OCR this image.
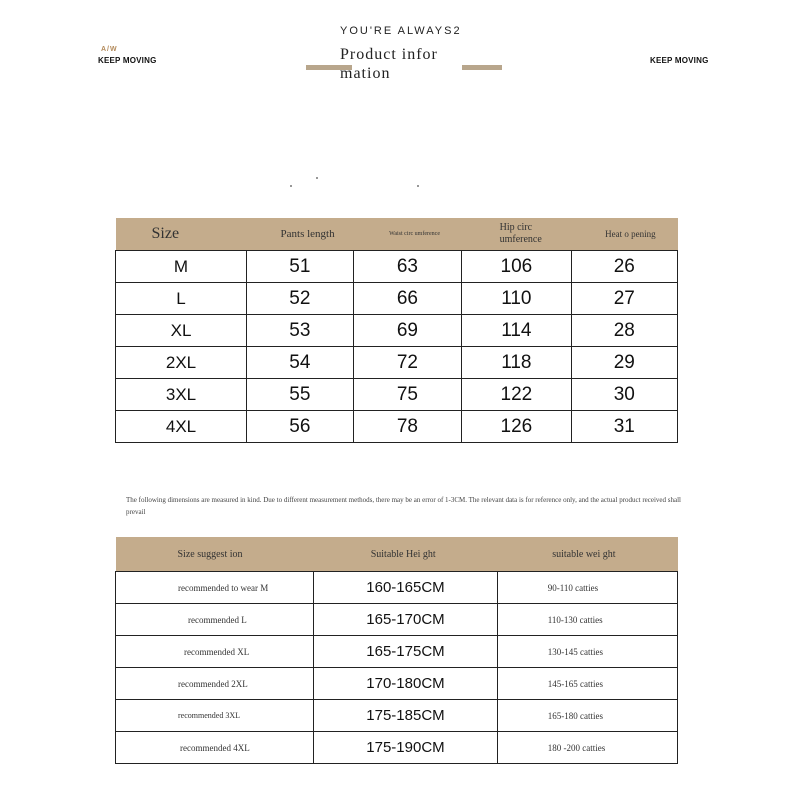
A/W
KEEP MOVING	KEEP MOVING
YOU'RE ALWAYS2
Product infor mation
Size	Pants length	Waist circ umference	Hip circ umference	Heat o pening
M	51	63	106	26
L	52	66	110	27
XL	53	69	114	28
2XL	54	72	118	29
3XL	55	75	122	30
4XL	56	78	126	31
The following dimensions are measured in kind. Due to different measurement methods, there may be an error of 1-3CM. The relevant data is for reference only, and the actual product received shall prevail
Size suggest ion	Suitable Hei ght	suitable wei ght
recommended to wear M	160-165CM	90-110 catties
recommended L	165-170CM	110-130 catties
recommended XL	165-175CM	130-145 catties
recommended 2XL	170-180CM	145-165 catties
recommended 3XL	175-185CM	165-180 catties
recommended 4XL	175-190CM	180 -200 catties
